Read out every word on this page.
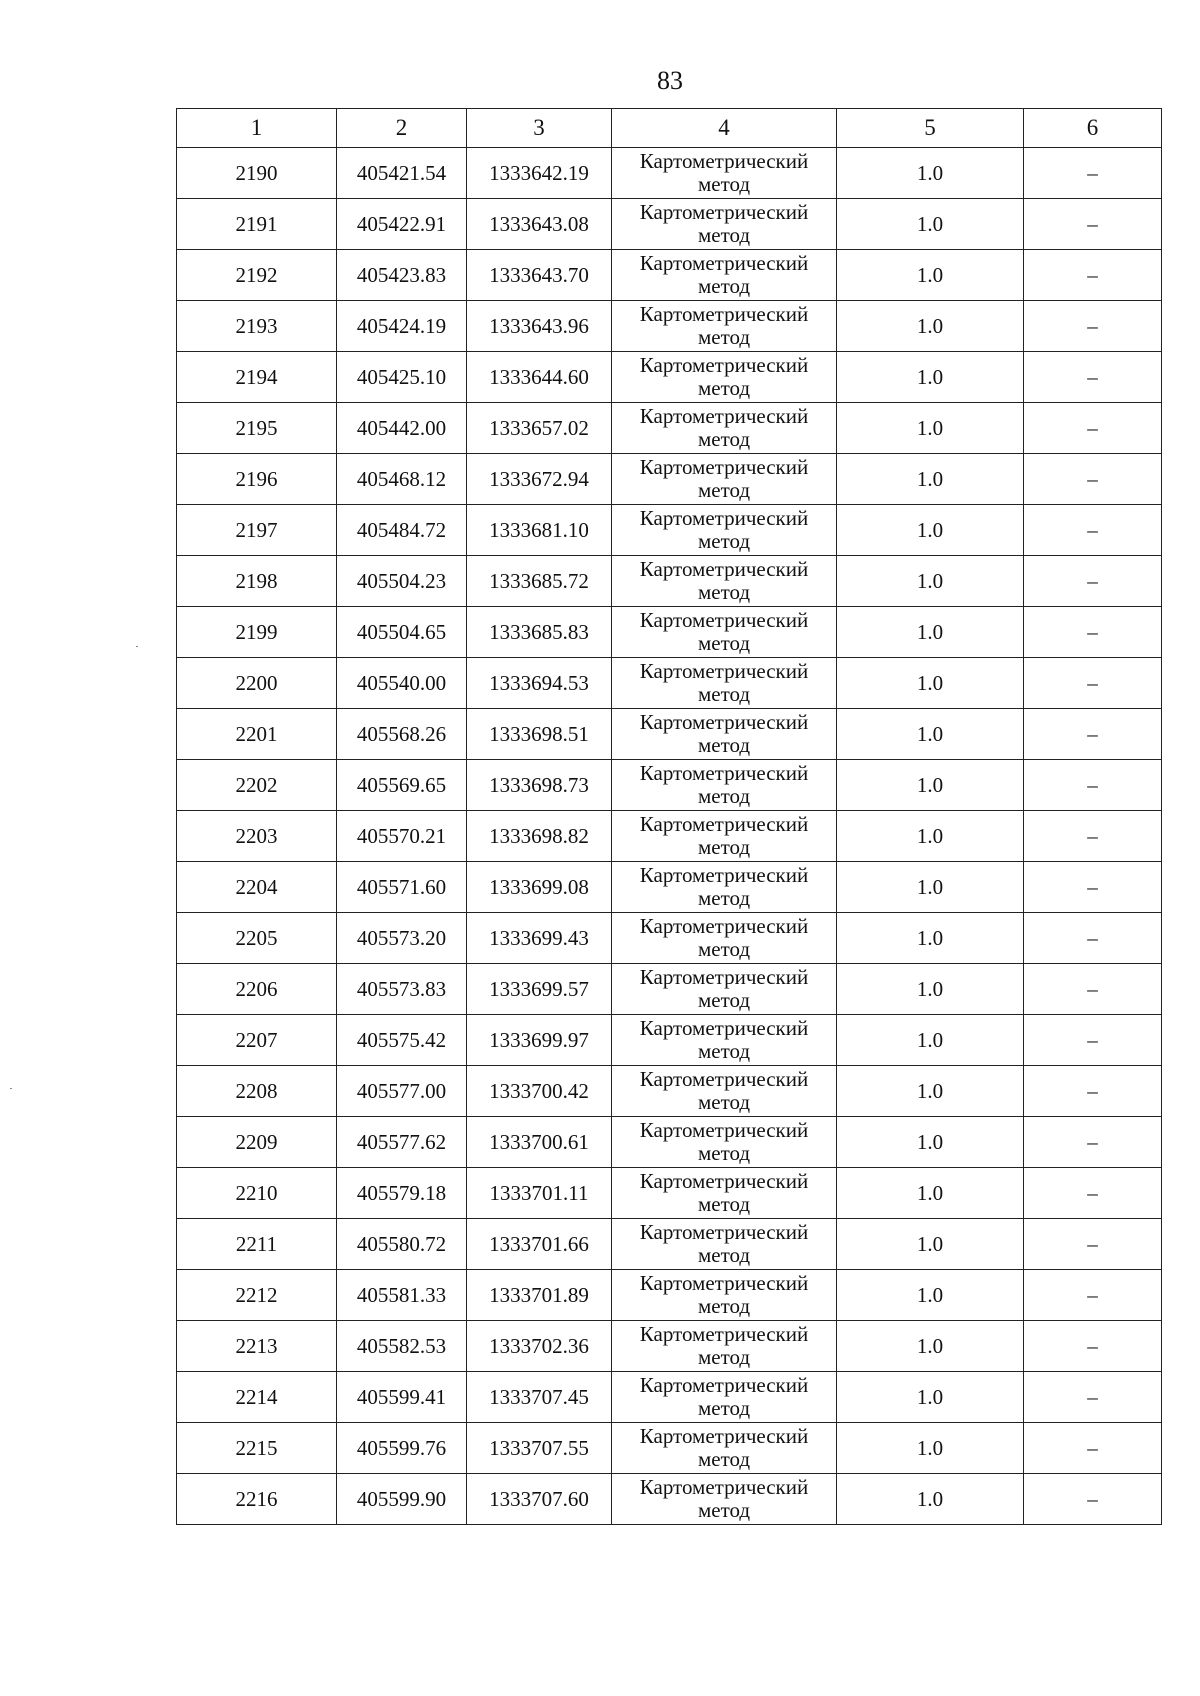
83
1	2	3	4	5	6
2190	405421.54	1333642.19	Картометрический метод	1.0	–
2191	405422.91	1333643.08	Картометрический метод	1.0	–
2192	405423.83	1333643.70	Картометрический метод	1.0	–
2193	405424.19	1333643.96	Картометрический метод	1.0	–
2194	405425.10	1333644.60	Картометрический метод	1.0	–
2195	405442.00	1333657.02	Картометрический метод	1.0	–
2196	405468.12	1333672.94	Картометрический метод	1.0	–
2197	405484.72	1333681.10	Картометрический метод	1.0	–
2198	405504.23	1333685.72	Картометрический метод	1.0	–
2199	405504.65	1333685.83	Картометрический метод	1.0	–
2200	405540.00	1333694.53	Картометрический метод	1.0	–
2201	405568.26	1333698.51	Картометрический метод	1.0	–
2202	405569.65	1333698.73	Картометрический метод	1.0	–
2203	405570.21	1333698.82	Картометрический метод	1.0	–
2204	405571.60	1333699.08	Картометрический метод	1.0	–
2205	405573.20	1333699.43	Картометрический метод	1.0	–
2206	405573.83	1333699.57	Картометрический метод	1.0	–
2207	405575.42	1333699.97	Картометрический метод	1.0	–
2208	405577.00	1333700.42	Картометрический метод	1.0	–
2209	405577.62	1333700.61	Картометрический метод	1.0	–
2210	405579.18	1333701.11	Картометрический метод	1.0	–
2211	405580.72	1333701.66	Картометрический метод	1.0	–
2212	405581.33	1333701.89	Картометрический метод	1.0	–
2213	405582.53	1333702.36	Картометрический метод	1.0	–
2214	405599.41	1333707.45	Картометрический метод	1.0	–
2215	405599.76	1333707.55	Картометрический метод	1.0	–
2216	405599.90	1333707.60	Картометрический метод	1.0	–
